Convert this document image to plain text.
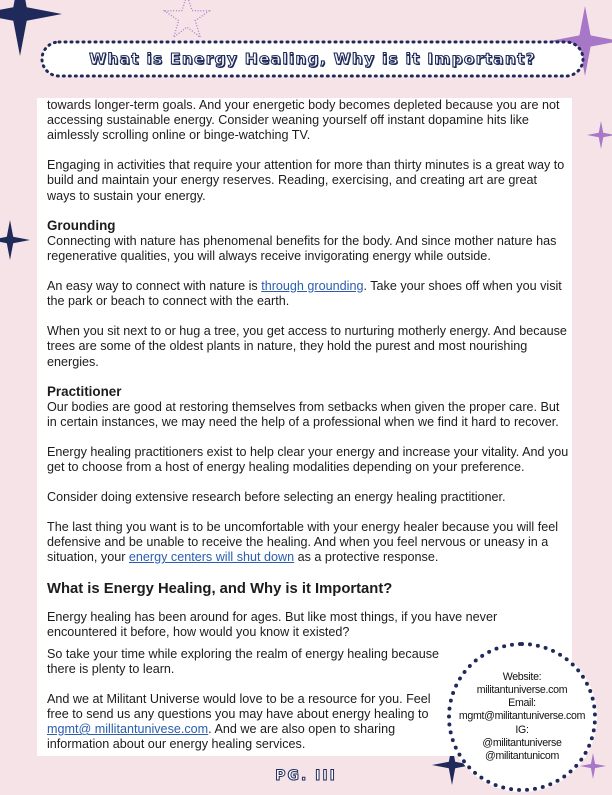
What is Energy Healing, Why is it Important?

towards longer-term goals. And your energetic body becomes depleted because you are not accessing sustainable energy. Consider weaning yourself off instant dopamine hits like aimlessly scrolling online or binge-watching TV.

Engaging in activities that require your attention for more than thirty minutes is a great way to build and maintain your energy reserves. Reading, exercising, and creating art are great ways to sustain your energy.

Grounding

Connecting with nature has phenomenal benefits for the body. And since mother nature has regenerative qualities, you will always receive invigorating energy while outside.

An easy way to connect with nature is through grounding. Take your shoes off when you visit the park or beach to connect with the earth.

When you sit next to or hug a tree, you get access to nurturing motherly energy. And because trees are some of the oldest plants in nature, they hold the purest and most nourishing energies.

Practitioner

Our bodies are good at restoring themselves from setbacks when given the proper care. But in certain instances, we may need the help of a professional when we find it hard to recover.

Energy healing practitioners exist to help clear your energy and increase your vitality. And you get to choose from a host of energy healing modalities depending on your preference.

Consider doing extensive research before selecting an energy healing practitioner.

The last thing you want is to be uncomfortable with your energy healer because you will feel defensive and be unable to receive the healing. And when you feel nervous or uneasy in a situation, your energy centers will shut down as a protective response.

What is Energy Healing, and Why is it Important?

Energy healing has been around for ages. But like most things, if you have never encountered it before, how would you know it existed?

So take your time while exploring the realm of energy healing because there is plenty to learn.

And we at Militant Universe would love to be a resource for you. Feel free to send us any questions you may have about energy healing to mgmt@ millitantunivese.com. And we are also open to sharing information about our energy healing services.

Website:
militantuniverse.com
Email:
mgmt@militantuniverse.com
IG:
@militantuniverse
@militantunicom
PG. III
